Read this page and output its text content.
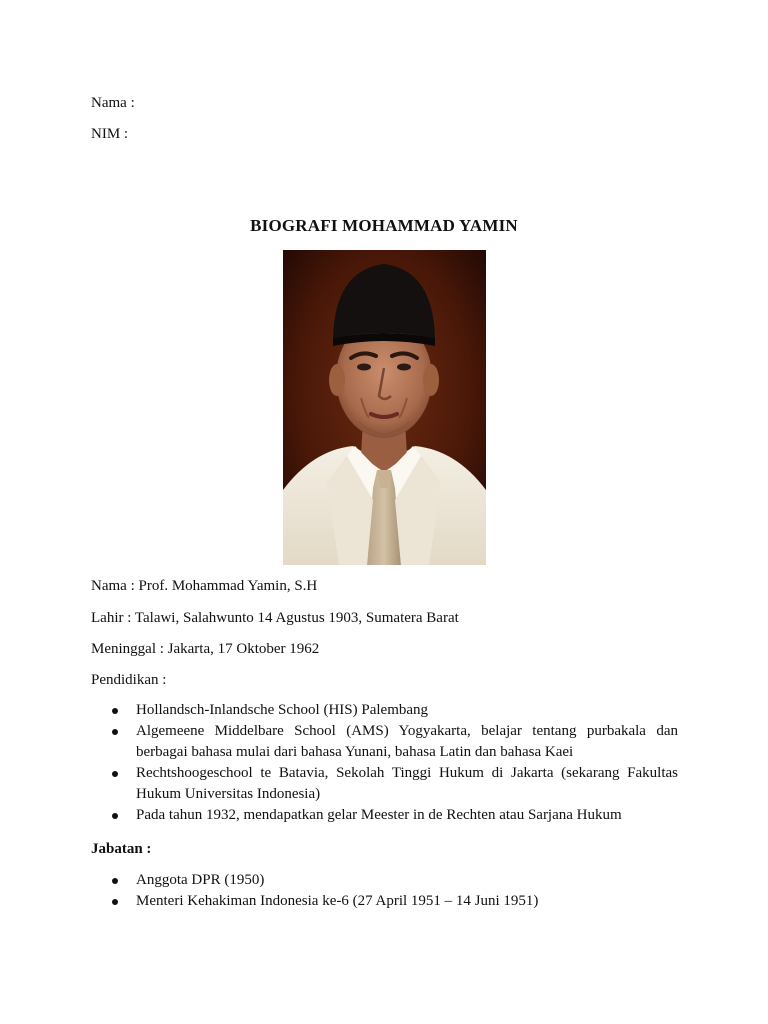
Nama :
NIM :
BIOGRAFI MOHAMMAD YAMIN
Nama : Prof. Mohammad Yamin, S.H
Lahir : Talawi, Salahwunto 14 Agustus 1903, Sumatera Barat
Meninggal : Jakarta, 17 Oktober 1962
Pendidikan :
Hollandsch-Inlandsche School (HIS) Palembang
Algemeene Middelbare School (AMS) Yogyakarta, belajar tentang purbakala dan berbagai bahasa mulai dari bahasa Yunani, bahasa Latin dan bahasa Kaei
Rechtshoogeschool te Batavia, Sekolah Tinggi Hukum di Jakarta (sekarang Fakultas Hukum Universitas Indonesia)
Pada tahun 1932, mendapatkan gelar Meester in de Rechten atau Sarjana Hukum
Jabatan :
Anggota DPR (1950)
Menteri Kehakiman Indonesia ke-6 (27 April 1951 – 14 Juni 1951)
